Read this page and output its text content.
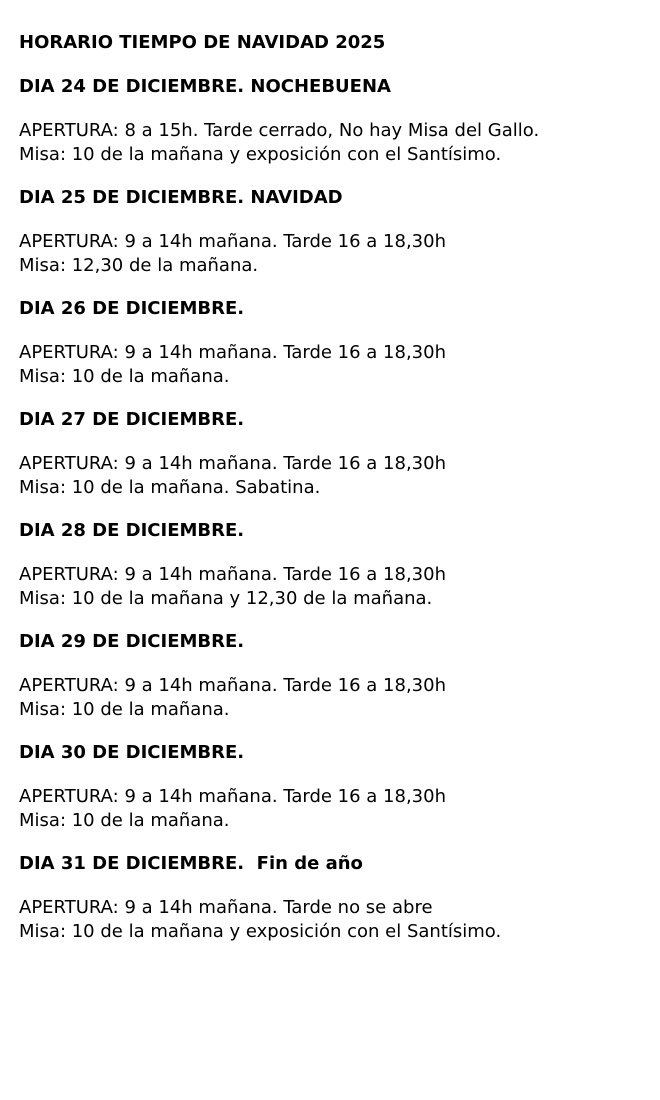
HORARIO TIEMPO DE NAVIDAD 2025
DIA 24 DE DICIEMBRE. NOCHEBUENA
APERTURA: 8 a 15h. Tarde cerrado, No hay Misa del Gallo.
Misa: 10 de la mañana y exposición con el Santísimo.
DIA 25 DE DICIEMBRE. NAVIDAD
APERTURA: 9 a 14h mañana. Tarde 16 a 18,30h
Misa: 12,30 de la mañana.
DIA 26 DE DICIEMBRE.
APERTURA: 9 a 14h mañana. Tarde 16 a 18,30h
Misa: 10 de la mañana.
DIA 27 DE DICIEMBRE.
APERTURA: 9 a 14h mañana. Tarde 16 a 18,30h
Misa: 10 de la mañana. Sabatina.
DIA 28 DE DICIEMBRE.
APERTURA: 9 a 14h mañana. Tarde 16 a 18,30h
Misa: 10 de la mañana y 12,30 de la mañana.
DIA 29 DE DICIEMBRE.
APERTURA: 9 a 14h mañana. Tarde 16 a 18,30h
Misa: 10 de la mañana.
DIA 30 DE DICIEMBRE.
APERTURA: 9 a 14h mañana. Tarde 16 a 18,30h
Misa: 10 de la mañana.
DIA 31 DE DICIEMBRE.  Fin de año
APERTURA: 9 a 14h mañana. Tarde no se abre
Misa: 10 de la mañana y exposición con el Santísimo.
